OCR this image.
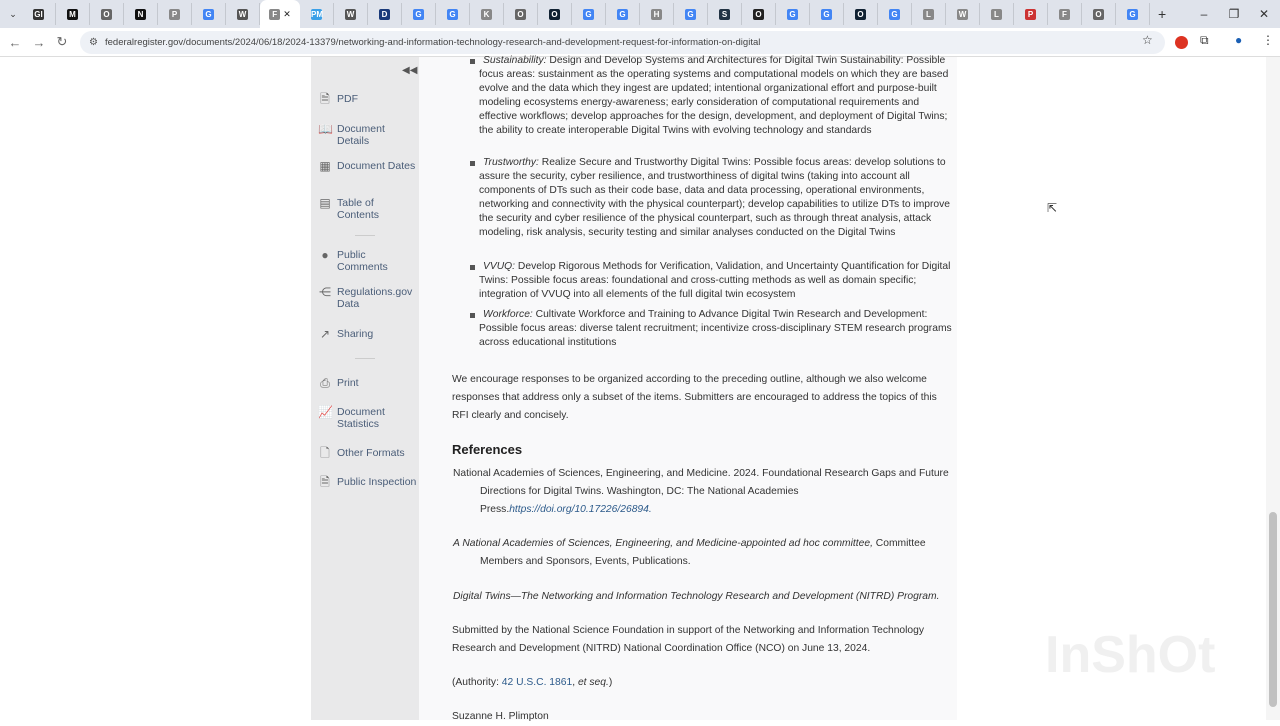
⌄	GI	M	O	N	P	G	W	F ✕	PM	W	D	G	G	K	O	O	G	G	H	G	S	O	G	G	O	G	L	W	L	P	F	O	G +	–	❐	✕
← → ↻	⚙ federalregister.gov/documents/2024/06/18/2024-13379/networking-and-information-technology-research-and-development-request-for-information-on-digital	☆	⧉ ● ⋮
◀◀
🗎 PDF
📖 Document Details
▦ Document Dates
▤ Table of Contents
● Public Comments
⋲ Regulations.gov Data
↗ Sharing
⎙ Print
📈 Document Statistics
🗋 Other Formats
🗎 Public Inspection
Sustainability: Design and Develop Systems and Architectures for Digital Twin Sustainability: Possible focus areas: sustainment as the operating systems and computational models on which they are based evolve and the data which they ingest are updated; intentional organizational effort and purpose-built modeling ecosystems energy-awareness; early consideration of computational requirements and effective workflows; develop approaches for the design, development, and deployment of Digital Twins; the ability to create interoperable Digital Twins with evolving technology and standards
Trustworthy: Realize Secure and Trustworthy Digital Twins: Possible focus areas: develop solutions to assure the security, cyber resilience, and trustworthiness of digital twins (taking into account all components of DTs such as their code base, data and data processing, operational environments, networking and connectivity with the physical counterpart); develop capabilities to utilize DTs to improve the security and cyber resilience of the physical counterpart, such as through threat analysis, attack modeling, risk analysis, security testing and similar analyses conducted on the Digital Twins
VVUQ: Develop Rigorous Methods for Verification, Validation, and Uncertainty Quantification for Digital Twins: Possible focus areas: foundational and cross-cutting methods as well as domain specific; integration of VVUQ into all elements of the full digital twin ecosystem
Workforce: Cultivate Workforce and Training to Advance Digital Twin Research and Development: Possible focus areas: diverse talent recruitment; incentivize cross-disciplinary STEM research programs across educational institutions
We encourage responses to be organized according to the preceding outline, although we also welcome responses that address only a subset of the items. Submitters are encouraged to address the topics of this RFI clearly and concisely.
References
National Academies of Sciences, Engineering, and Medicine. 2024. Foundational Research Gaps and Future Directions for Digital Twins. Washington, DC: The National Academies Press.https://doi.org/10.17226/26894.
A National Academies of Sciences, Engineering, and Medicine-appointed ad hoc committee, Committee Members and Sponsors, Events, Publications.
Digital Twins—The Networking and Information Technology Research and Development (NITRD) Program.
Submitted by the National Science Foundation in support of the Networking and Information Technology Research and Development (NITRD) National Coordination Office (NCO) on June 13, 2024.
(Authority: 42 U.S.C. 1861, et seq.)
Suzanne H. Plimpton
⇱
InShOt
